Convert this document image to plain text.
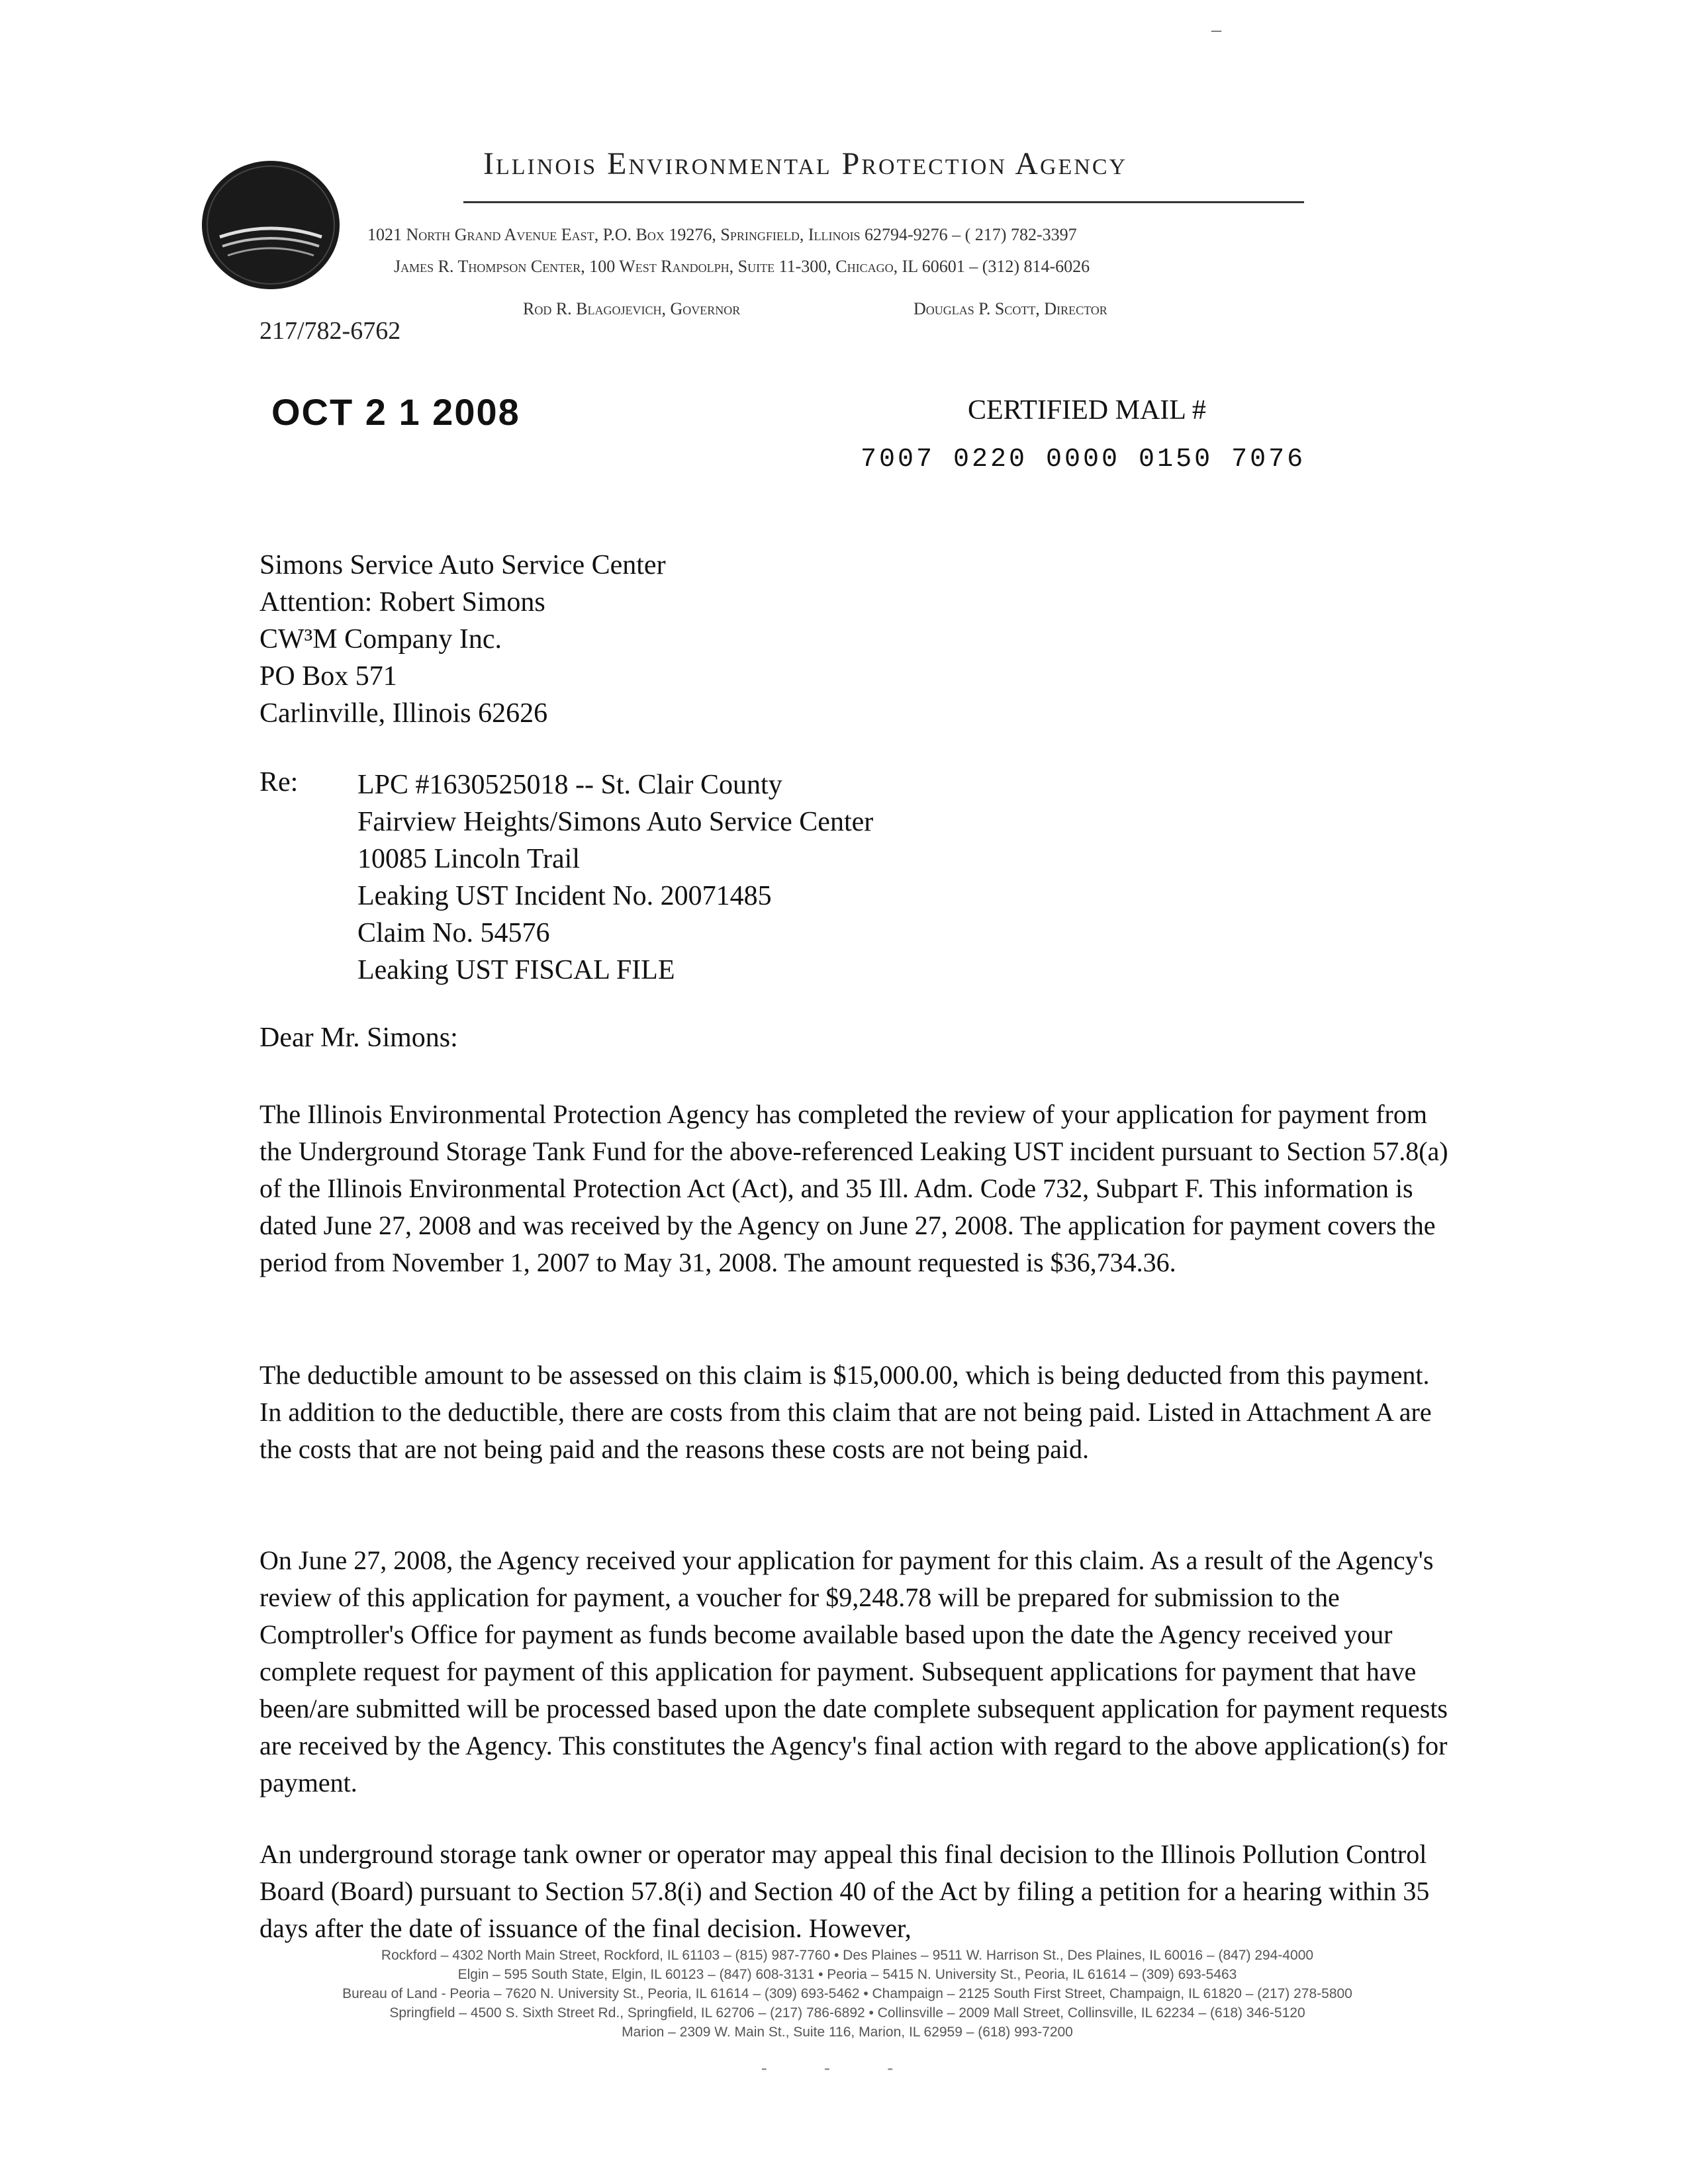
–
Illinois Environmental Protection Agency
1021 North Grand Avenue East, P.O. Box 19276, Springfield, Illinois 62794-9276 – ( 217) 782-3397
James R. Thompson Center, 100 West Randolph, Suite 11-300, Chicago, IL 60601 – (312) 814-6026
Rod R. Blagojevich, Governor	Douglas P. Scott, Director
217/782-6762
OCT 2 1 2008	CERTIFIED MAIL #
7007 0220 0000 0150 7076
Simons Service Auto Service Center
Attention: Robert Simons
CW³M Company Inc.
PO Box 571
Carlinville, Illinois 62626
Re: LPC #1630525018 -- St. Clair County
Fairview Heights/Simons Auto Service Center
10085 Lincoln Trail
Leaking UST Incident No. 20071485
Claim No. 54576
Leaking UST FISCAL FILE
Dear Mr. Simons:
The Illinois Environmental Protection Agency has completed the review of your application for payment from the Underground Storage Tank Fund for the above-referenced Leaking UST incident pursuant to Section 57.8(a) of the Illinois Environmental Protection Act (Act), and 35 Ill. Adm. Code 732, Subpart F. This information is dated June 27, 2008 and was received by the Agency on June 27, 2008. The application for payment covers the period from November 1, 2007 to May 31, 2008. The amount requested is $36,734.36.
The deductible amount to be assessed on this claim is $15,000.00, which is being deducted from this payment. In addition to the deductible, there are costs from this claim that are not being paid. Listed in Attachment A are the costs that are not being paid and the reasons these costs are not being paid.
On June 27, 2008, the Agency received your application for payment for this claim. As a result of the Agency's review of this application for payment, a voucher for $9,248.78 will be prepared for submission to the Comptroller's Office for payment as funds become available based upon the date the Agency received your complete request for payment of this application for payment. Subsequent applications for payment that have been/are submitted will be processed based upon the date complete subsequent application for payment requests are received by the Agency. This constitutes the Agency's final action with regard to the above application(s) for payment.
An underground storage tank owner or operator may appeal this final decision to the Illinois Pollution Control Board (Board) pursuant to Section 57.8(i) and Section 40 of the Act by filing a petition for a hearing within 35 days after the date of issuance of the final decision. However,
Rockford – 4302 North Main Street, Rockford, IL 61103 – (815) 987-7760 • Des Plaines – 9511 W. Harrison St., Des Plaines, IL 60016 – (847) 294-4000
Elgin – 595 South State, Elgin, IL 60123 – (847) 608-3131 • Peoria – 5415 N. University St., Peoria, IL 61614 – (309) 693-5463
Bureau of Land - Peoria – 7620 N. University St., Peoria, IL 61614 – (309) 693-5462 • Champaign – 2125 South First Street, Champaign, IL 61820 – (217) 278-5800
Springfield – 4500 S. Sixth Street Rd., Springfield, IL 62706 – (217) 786-6892 • Collinsville – 2009 Mall Street, Collinsville, IL 62234 – (618) 346-5120
Marion – 2309 W. Main St., Suite 116, Marion, IL 62959 – (618) 993-7200
- - -
